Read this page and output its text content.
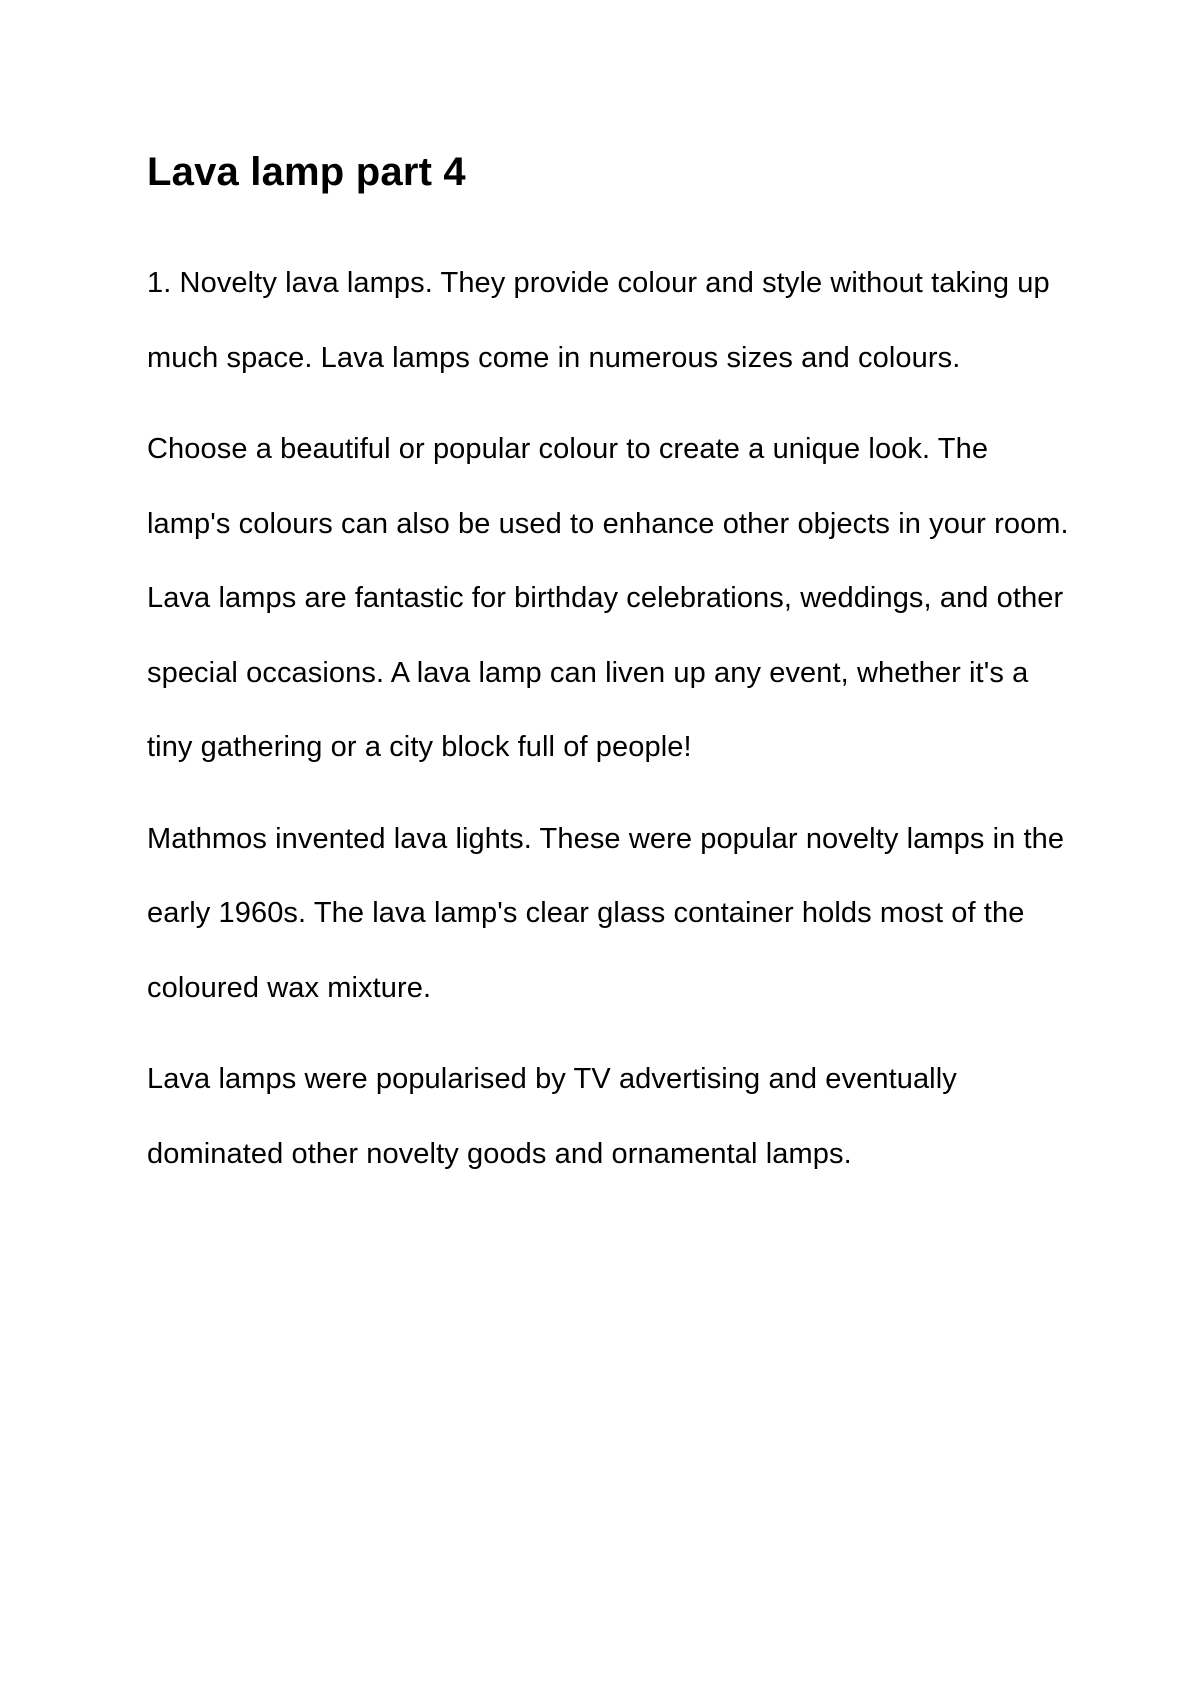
Lava lamp part 4

1. Novelty lava lamps. They provide colour and style without taking up much space. Lava lamps come in numerous sizes and colours.

Choose a beautiful or popular colour to create a unique look. The lamp's colours can also be used to enhance other objects in your room. Lava lamps are fantastic for birthday celebrations, weddings, and other special occasions. A lava lamp can liven up any event, whether it's a tiny gathering or a city block full of people!

Mathmos invented lava lights. These were popular novelty lamps in the early 1960s. The lava lamp's clear glass container holds most of the coloured wax mixture.

Lava lamps were popularised by TV advertising and eventually dominated other novelty goods and ornamental lamps.
